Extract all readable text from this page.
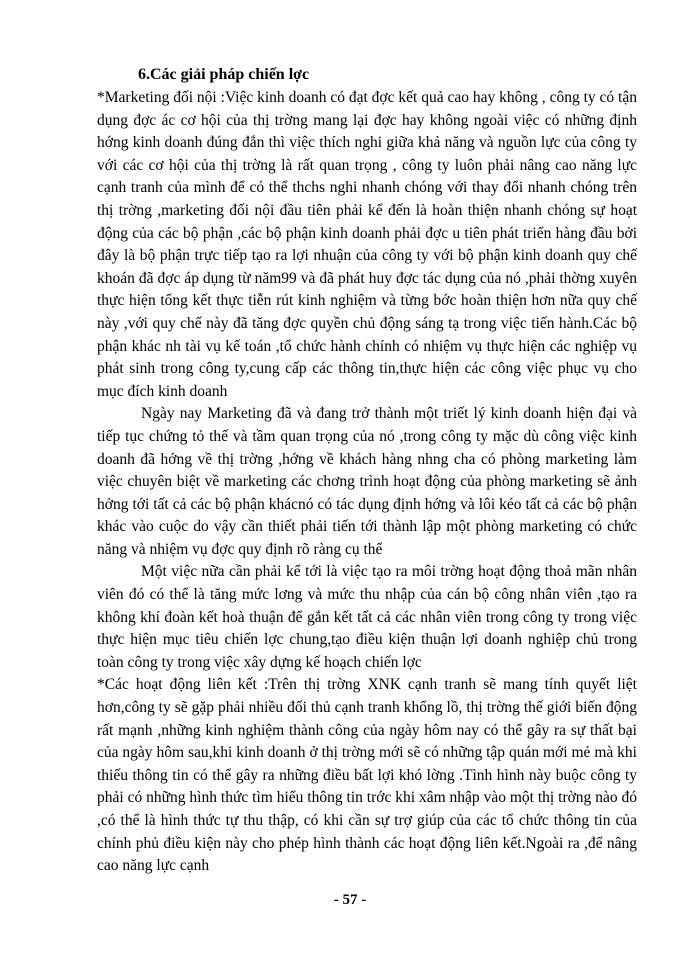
6.Các giải pháp chiến lợc

*Marketing đối nội :Việc kinh doanh có đạt đợc kết quả cao hay không , công ty có tận dụng đợc ác cơ hội của thị trờng mang lại đợc hay không ngoài việc có những định hớng kinh doanh đúng đắn thì việc thích nghi giữa khả năng và nguồn lực của công ty với các cơ hội của thị trờng là rất quan trọng , công ty luôn phải nâng cao năng lực cạnh tranh của mình để có thể thchs nghi nhanh chóng với thay đổi nhanh chóng trên thị trờng ,marketing đối nội đầu tiên phải kể đến là hoàn thiện nhanh chóng sự hoạt động của các bộ phận ,các bộ phận kinh doanh phải đợc u tiên phát triển hàng đầu bởi đây là bộ phận trực tiếp tạo ra lợi nhuận của công ty với bộ phận kinh doanh quy chế khoán đã đợc áp dụng từ năm99 và đã phát huy đợc tác dụng của nó ,phải thờng xuyên thực hiện tổng kết thực tiễn rút kinh nghiệm và từng bớc hoàn thiện hơn nữa quy chế này ,với quy chế này đã tăng đợc quyền chủ động sáng tạ trong việc tiến hành.Các bộ phận khác nh tài vụ kế toán ,tổ chức hành chính có nhiệm vụ thực hiện các nghiệp vụ phát sinh trong công ty,cung cấp các thông tin,thực hiện các công việc phục vụ cho mục đích kinh doanh

Ngày nay Marketing đã và đang trở thành một triết lý kinh doanh hiện đại và tiếp tục chứng tỏ thế và tầm quan trọng của nó ,trong công ty mặc dù công việc kinh doanh đã hớng về thị trờng ,hớng về khách hàng nhng cha có phòng marketing làm việc chuyên biệt về marketing các chơng trình hoạt động của phòng marketing sẽ ảnh hởng tới tất cả các bộ phận khácnó có tác dụng định hớng và lôi kéo tất cả các bộ phận khác vào cuộc do vậy cần thiết phải tiến tới thành lập một phòng marketing có chức năng và nhiệm vụ đợc quy định rõ ràng cụ thể

Một việc nữa cần phải kể tới là việc tạo ra môi trờng hoạt động thoả mãn nhân viên đó có thể là tăng mức lơng và mức thu nhập của cán bộ công nhân viên ,tạo ra không khí đoàn kết hoà thuận để gắn kết tất cả các nhân viên trong công ty trong việc thực hiện mục tiêu chiến lợc chung,tạo điều kiện thuận lợi doanh nghiệp chủ trong toàn công ty trong việc xây dựng kế hoạch chiến lợc

*Các hoạt động liên kết :Trên thị trờng XNK cạnh tranh sẽ mang tính quyết liệt hơn,công ty sẽ gặp phải nhiều đối thủ cạnh tranh khổng lồ, thị trờng thế giới biến động rất mạnh ,những kinh nghiệm thành công của ngày hôm nay có thể gây ra sự thất bại của ngày hôm sau,khi kinh doanh ở thị trờng mới sẽ có những tập quán mới mẻ mà khi thiếu thông tin có thể gây ra những điều bất lợi khó lờng .Tình hình này buộc công ty phải có những hình thức tìm hiểu thông tin trớc khi xâm nhập vào một thị trờng nào đó ,có thể là hình thức tự thu thập, có khi cần sự trợ giúp của các tổ chức thông tin của chính phủ điều kiện này cho phép hình thành các hoạt động liên kết.Ngoài ra ,để nâng cao năng lực cạnh

- 57 -
